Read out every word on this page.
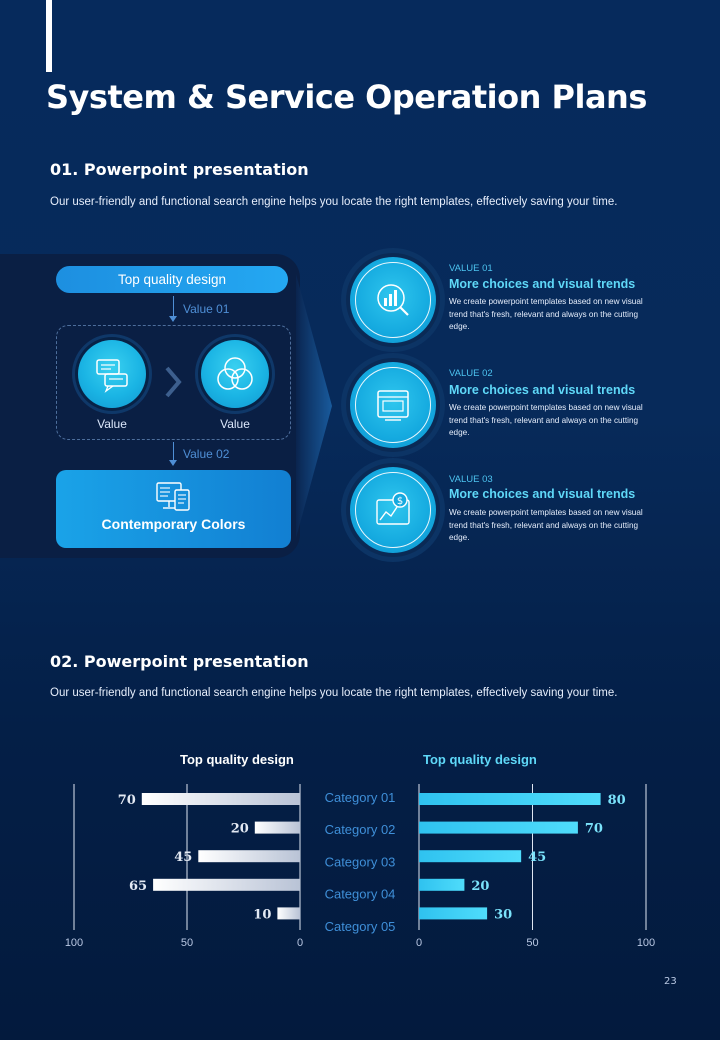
System & Service Operation Plans
01. Powerpoint presentation
Our user-friendly and functional search engine helps you locate the right templates, effectively saving your time.
Top quality design
Value 01
Value	Value
Value 02
Contemporary Colors
VALUE 01
More choices and visual trends
We create powerpoint templates based on new visual trend that's fresh, relevant and always on the cutting edge.
VALUE 02
More choices and visual trends
We create powerpoint templates based on new visual trend that's fresh, relevant and always on the cutting edge.
$
VALUE 03
More choices and visual trends
We create powerpoint templates based on new visual trend that's fresh, relevant and always on the cutting edge.
02. Powerpoint presentation
Our user-friendly and functional search engine helps you locate the right templates, effectively saving your time.
Top quality design	Top quality design
100	50	0	0	50	100
70
20
45
65
10
80
70
45
20
30
Category 01
Category 02
Category 03
Category 04
Category 05
23
